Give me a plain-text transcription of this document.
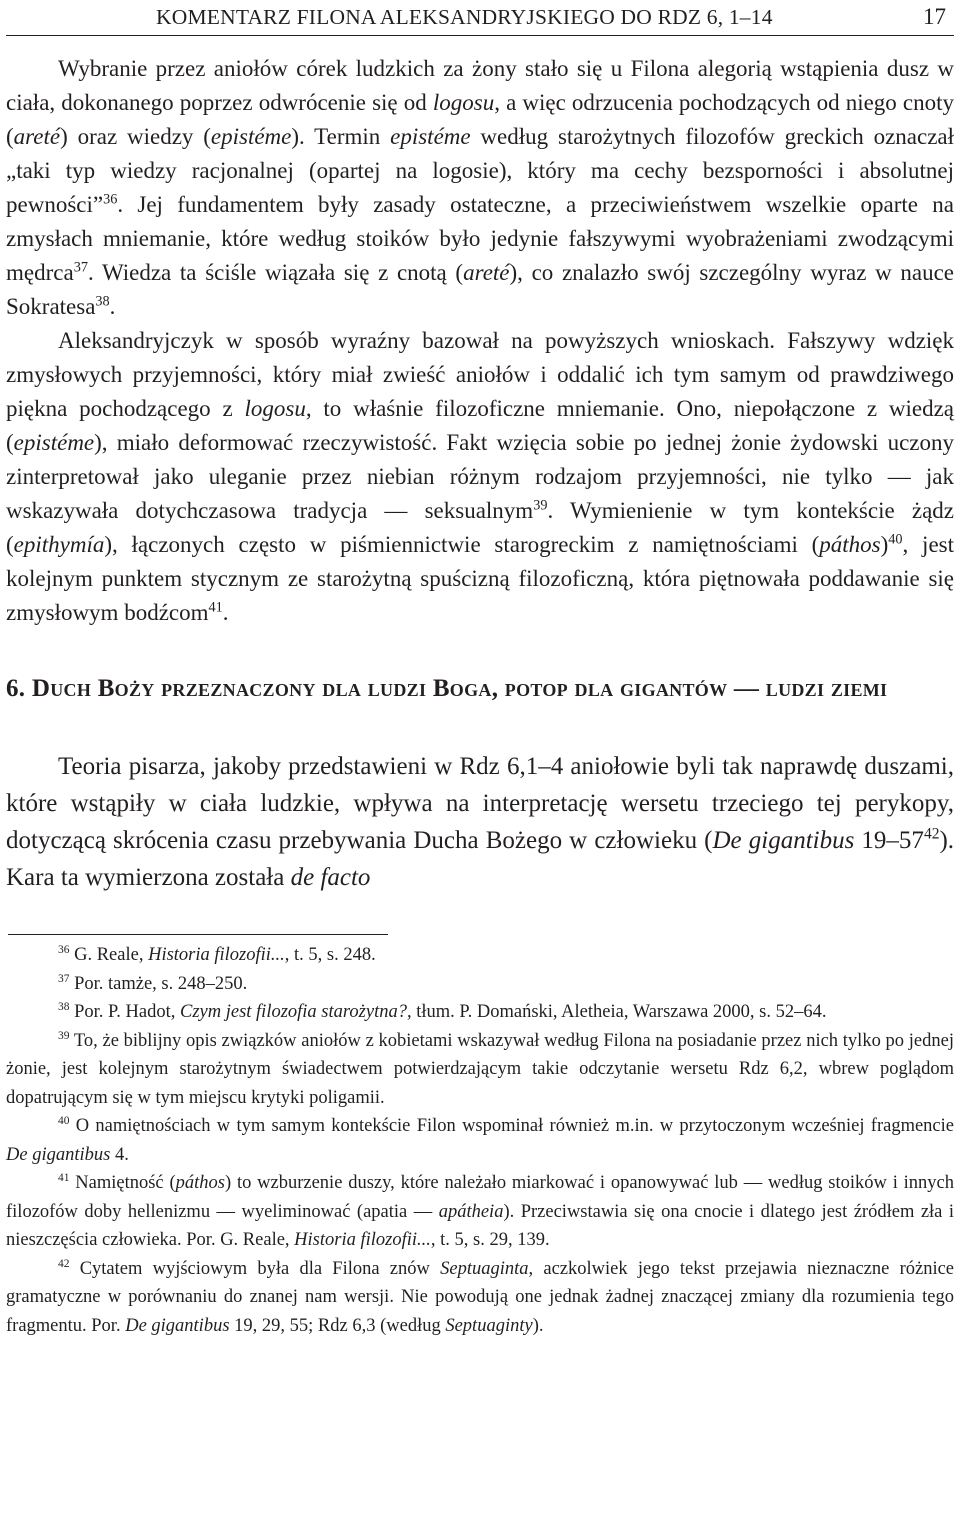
KOMENTARZ FILONA ALEKSANDRYJSKIEGO DO RDZ 6, 1–14	17

Wybranie przez aniołów córek ludzkich za żony stało się u Filona alegorią wstąpienia dusz w ciała, dokonanego poprzez odwrócenie się od logosu, a więc odrzucenia pochodzących od niego cnoty (areté) oraz wiedzy (epistéme). Termin epistéme według starożytnych filozofów greckich oznaczał „taki typ wiedzy racjonalnej (opartej na logosie), który ma cechy bezsporności i absolutnej pewności”$^{36}$. Jej fundamentem były zasady ostateczne, a przeciwieństwem wszelkie oparte na zmysłach mniemanie, które według stoików było jedynie fałszywymi wyobrażeniami zwodzącymi mędrca$^{37}$. Wiedza ta ściśle wiązała się z cnotą (areté), co znalazło swój szczególny wyraz w nauce Sokratesa$^{38}$.

Aleksandryjczyk w sposób wyraźny bazował na powyższych wnioskach. Fałszywy wdzięk zmysłowych przyjemności, który miał zwieść aniołów i oddalić ich tym samym od prawdziwego piękna pochodzącego z logosu, to właśnie filozoficzne mniemanie. Ono, niepołączone z wiedzą (epistéme), miało deformować rzeczywistość. Fakt wzięcia sobie po jednej żonie żydowski uczony zinterpretował jako uleganie przez niebian różnym rodzajom przyjemności, nie tylko — jak wskazywała dotychczasowa tradycja — seksualnym$^{39}$. Wymienienie w tym kontekście żądz (epithymía), łączonych często w piśmiennictwie starogreckim z namiętnościami (páthos)$^{40}$, jest kolejnym punktem stycznym ze starożytną spuścizną filozoficzną, która piętnowała poddawanie się zmysłowym bodźcom$^{41}$.

6. Duch Boży przeznaczony dla ludzi Boga, potop dla gigantów — ludzi ziemi

Teoria pisarza, jakoby przedstawieni w Rdz 6,1–4 aniołowie byli tak naprawdę duszami, które wstąpiły w ciała ludzkie, wpływa na interpretację wersetu trzeciego tej perykopy, dotyczącą skrócenia czasu przebywania Ducha Bożego w człowieku (De gigantibus $19-57^{42}$). Kara ta wymierzona została de facto

$^{36}$ G. Reale, Historia filozofii..., t. 5, s. 248.

$^{37}$ Por. tamże, s. 248–250.

$^{38}$ Por. P. Hadot, Czym jest filozofia starożytna?, tłum. P. Domański, Aletheia, Warszawa 2000, s. 52–64.

$^{39}$ To, że biblijny opis związków aniołów z kobietami wskazywał według Filona na posiadanie przez nich tylko po jednej żonie, jest kolejnym starożytnym świadectwem potwierdzającym takie odczytanie wersetu Rdz 6,2, wbrew poglądom dopatrującym się w tym miejscu krytyki poligamii.

$^{40}$ O namiętnościach w tym samym kontekście Filon wspominał również m.in. w przytoczonym wcześniej fragmencie De gigantibus 4.

$^{41}$ Namiętność (páthos) to wzburzenie duszy, które należało miarkować i opanowywać lub — według stoików i innych filozofów doby hellenizmu — wyeliminować (apatia — apátheia). Przeciwstawia się ona cnocie i dlatego jest źródłem zła i nieszczęścia człowieka. Por. G. Reale, Historia filozofii..., t. 5, s. 29, 139.

$^{42}$ Cytatem wyjściowym była dla Filona znów Septuaginta, aczkolwiek jego tekst przejawia nieznaczne różnice gramatyczne w porównaniu do znanej nam wersji. Nie powodują one jednak żadnej znaczącej zmiany dla rozumienia tego fragmentu. Por. De gigantibus 19, 29, 55; Rdz 6,3 (według Septuaginty).
